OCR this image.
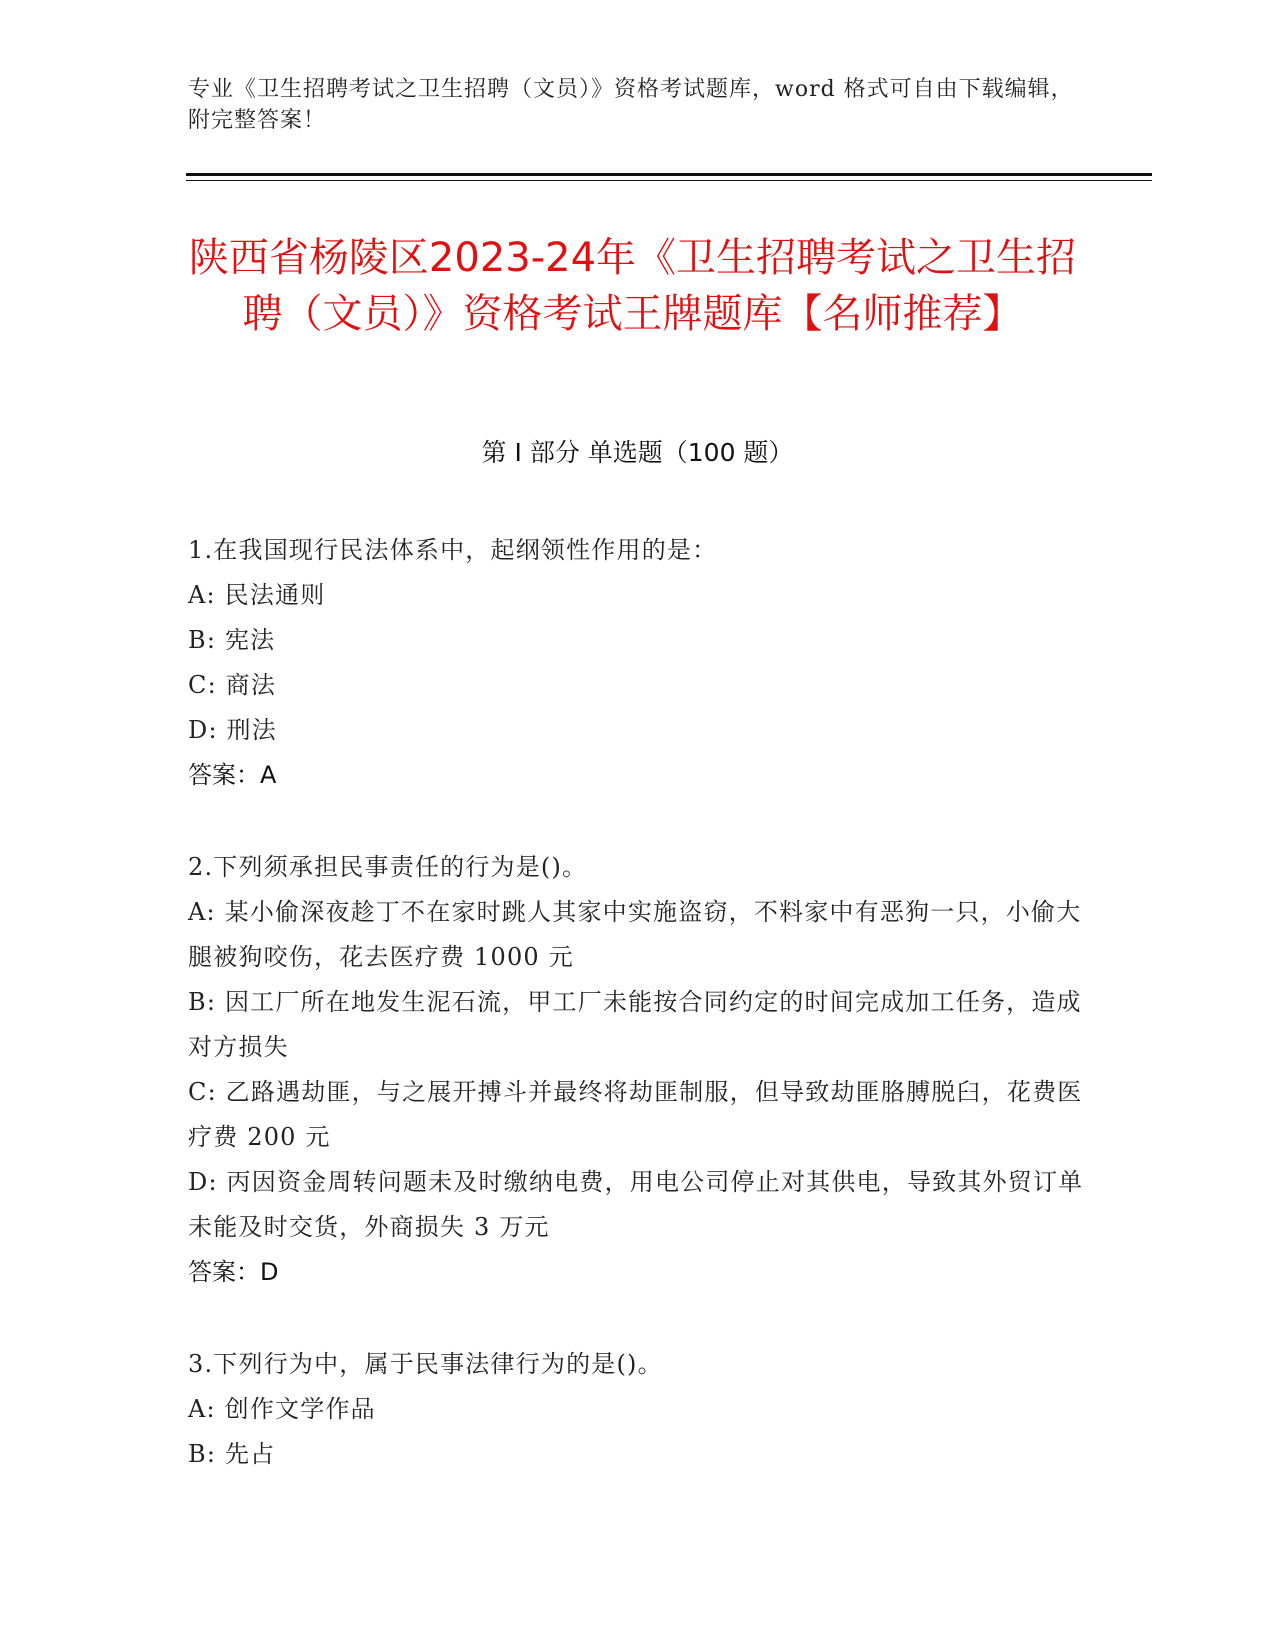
专业《卫生招聘考试之卫生招聘（文员）》资格考试题库，word 格式可自由下载编辑，附完整答案！
陕西省杨陵区2023-24年《卫生招聘考试之卫生招聘（文员）》资格考试王牌题库【名师推荐】
第 I 部分 单选题（100 题）
1.在我国现行民法体系中，起纲领性作用的是：
A: 民法通则
B: 宪法
C: 商法
D: 刑法
答案：A
2.下列须承担民事责任的行为是()。
A: 某小偷深夜趁丁不在家时跳人其家中实施盗窃，不料家中有恶狗一只，小偷大腿被狗咬伤，花去医疗费 1000 元
B: 因工厂所在地发生泥石流，甲工厂未能按合同约定的时间完成加工任务，造成对方损失
C: 乙路遇劫匪，与之展开搏斗并最终将劫匪制服，但导致劫匪胳膊脱臼，花费医疗费 200 元
D: 丙因资金周转问题未及时缴纳电费，用电公司停止对其供电，导致其外贸订单未能及时交货，外商损失 3 万元
答案：D
3.下列行为中，属于民事法律行为的是()。
A: 创作文学作品
B: 先占
